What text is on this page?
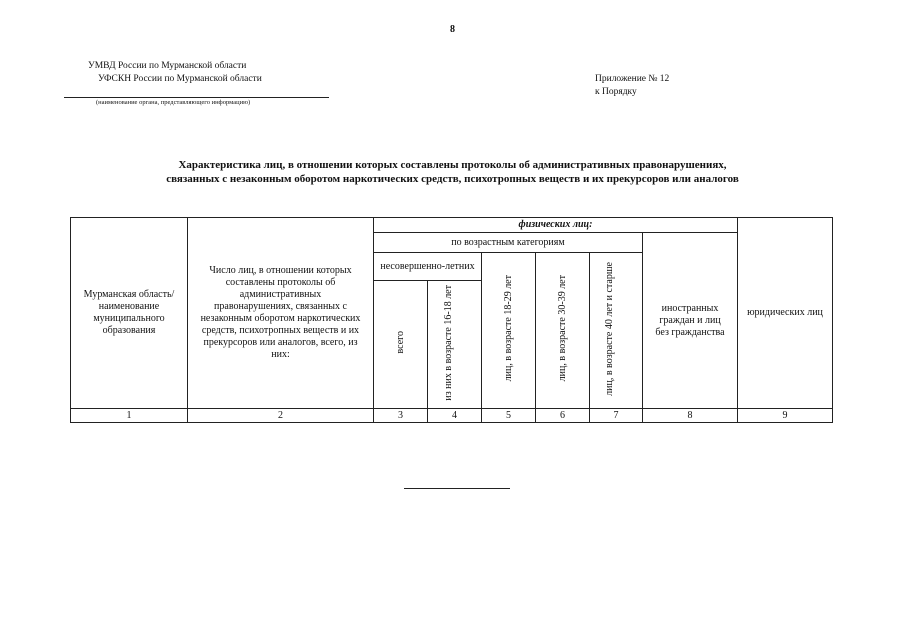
8
УМВД России по Мурманской области
УФСКН России по Мурманской области
(наименование органа, представляющего информацию)
Приложение № 12
к Порядку
Характеристика лиц, в отношении которых составлены протоколы об административных правонарушениях,
связанных с незаконным оборотом наркотических средств, психотропных веществ и их прекурсоров или аналогов
Мурманская область/ наименование муниципального образования	Число лиц, в отношении которых составлены протоколы об административных правонарушениях, связанных с незаконным оборотом наркотических средств, психотропных веществ и их прекурсоров или аналогов, всего, из них:	физических лиц:						юридических лиц
		по возрастным категориям					иностранных граждан и лиц без гражданства	
		несовершенно-летних		лиц, в возрасте 18-29 лет	лиц, в возрасте 30-39 лет	лиц, в возрасте 40 лет и старше		
		всего	из них в возрасте 16-18 лет					
1	2	3	4	5	6	7	8	9
